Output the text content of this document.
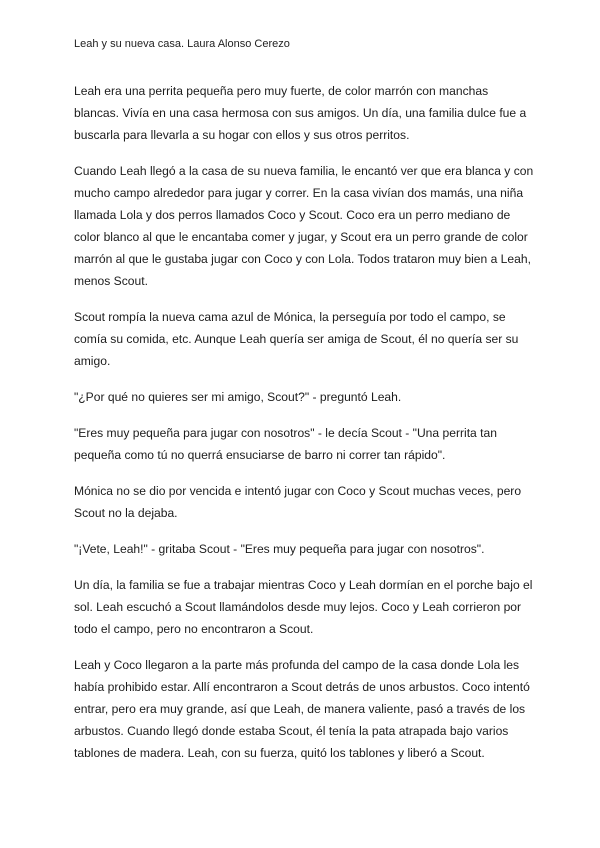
Leah y su nueva casa. Laura Alonso Cerezo

Leah era una perrita pequeña pero muy fuerte, de color marrón con manchas blancas. Vivía en una casa hermosa con sus amigos. Un día, una familia dulce fue a buscarla para llevarla a su hogar con ellos y sus otros perritos.

Cuando Leah llegó a la casa de su nueva familia, le encantó ver que era blanca y con mucho campo alrededor para jugar y correr. En la casa vivían dos mamás, una niña llamada Lola y dos perros llamados Coco y Scout. Coco era un perro mediano de color blanco al que le encantaba comer y jugar, y Scout era un perro grande de color marrón al que le gustaba jugar con Coco y con Lola. Todos trataron muy bien a Leah, menos Scout.

Scout rompía la nueva cama azul de Mónica, la perseguía por todo el campo, se comía su comida, etc. Aunque Leah quería ser amiga de Scout, él no quería ser su amigo.

"¿Por qué no quieres ser mi amigo, Scout?" - preguntó Leah.

"Eres muy pequeña para jugar con nosotros" - le decía Scout - "Una perrita tan pequeña como tú no querrá ensuciarse de barro ni correr tan rápido".

Mónica no se dio por vencida e intentó jugar con Coco y Scout muchas veces, pero Scout no la dejaba.

"¡Vete, Leah!" - gritaba Scout - "Eres muy pequeña para jugar con nosotros".

Un día, la familia se fue a trabajar mientras Coco y Leah dormían en el porche bajo el sol. Leah escuchó a Scout llamándolos desde muy lejos. Coco y Leah corrieron por todo el campo, pero no encontraron a Scout.

Leah y Coco llegaron a la parte más profunda del campo de la casa donde Lola les había prohibido estar. Allí encontraron a Scout detrás de unos arbustos. Coco intentó entrar, pero era muy grande, así que Leah, de manera valiente, pasó a través de los arbustos. Cuando llegó donde estaba Scout, él tenía la pata atrapada bajo varios tablones de madera. Leah, con su fuerza, quitó los tablones y liberó a Scout.
